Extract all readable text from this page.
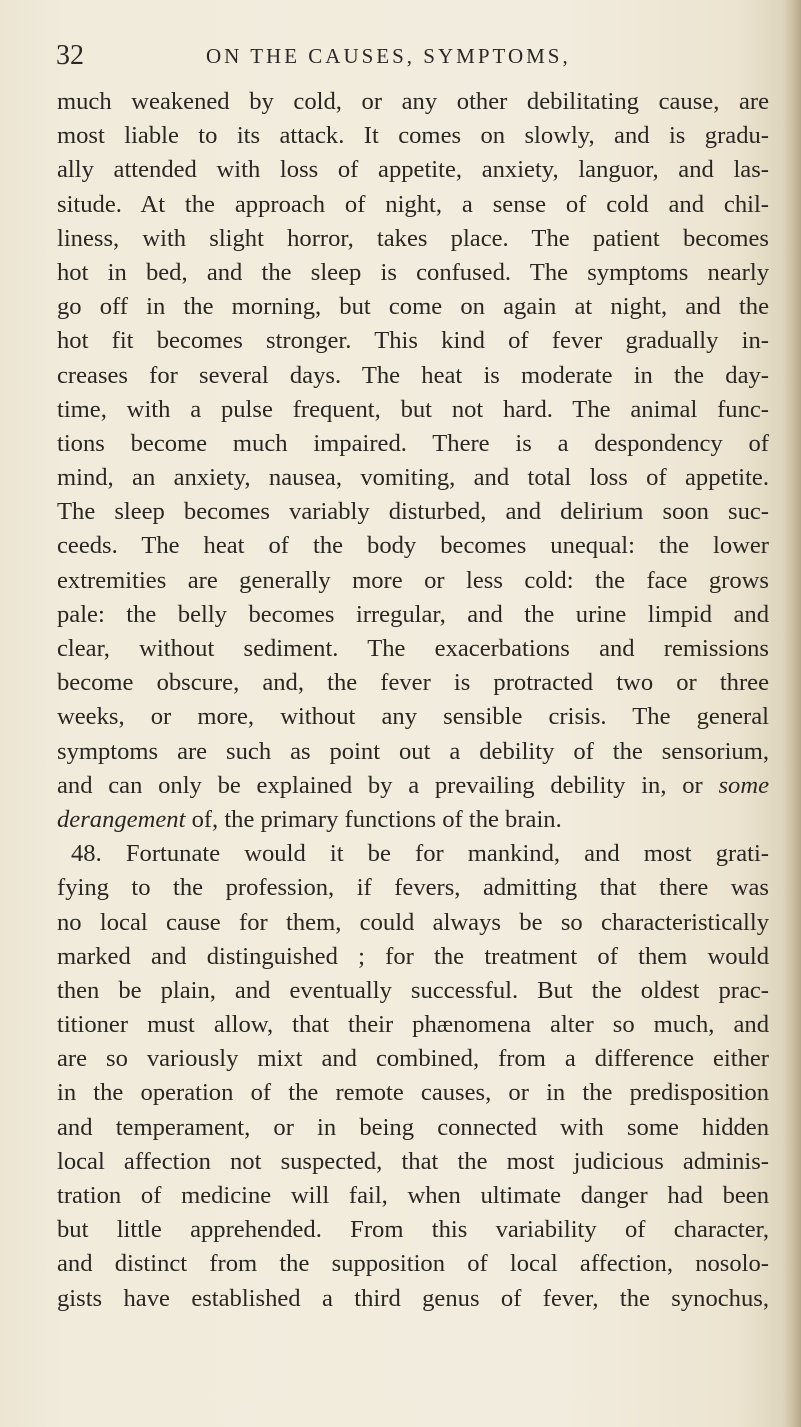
32	ON THE CAUSES, SYMPTOMS,
much weakened by cold, or any other debilitating cause, are
most liable to its attack. It comes on slowly, and is gradu-
ally attended with loss of appetite, anxiety, languor, and las-
situde. At the approach of night, a sense of cold and chil-
liness, with slight horror, takes place. The patient becomes
hot in bed, and the sleep is confused. The symptoms nearly
go off in the morning, but come on again at night, and the
hot fit becomes stronger. This kind of fever gradually in-
creases for several days. The heat is moderate in the day-
time, with a pulse frequent, but not hard. The animal func-
tions become much impaired. There is a despondency of
mind, an anxiety, nausea, vomiting, and total loss of appetite.
The sleep becomes variably disturbed, and delirium soon suc-
ceeds. The heat of the body becomes unequal: the lower
extremities are generally more or less cold: the face grows
pale: the belly becomes irregular, and the urine limpid and
clear, without sediment. The exacerbations and remissions
become obscure, and, the fever is protracted two or three
weeks, or more, without any sensible crisis. The general
symptoms are such as point out a debility of the sensorium,
and can only be explained by a prevailing debility in, or some
derangement of, the primary functions of the brain.
48. Fortunate would it be for mankind, and most grati-
fying to the profession, if fevers, admitting that there was
no local cause for them, could always be so characteristically
marked and distinguished ; for the treatment of them would
then be plain, and eventually successful. But the oldest prac-
titioner must allow, that their phænomena alter so much, and
are so variously mixt and combined, from a difference either
in the operation of the remote causes, or in the predisposition
and temperament, or in being connected with some hidden
local affection not suspected, that the most judicious adminis-
tration of medicine will fail, when ultimate danger had been
but little apprehended. From this variability of character,
and distinct from the supposition of local affection, nosolo-
gists have established a third genus of fever, the synochus,
